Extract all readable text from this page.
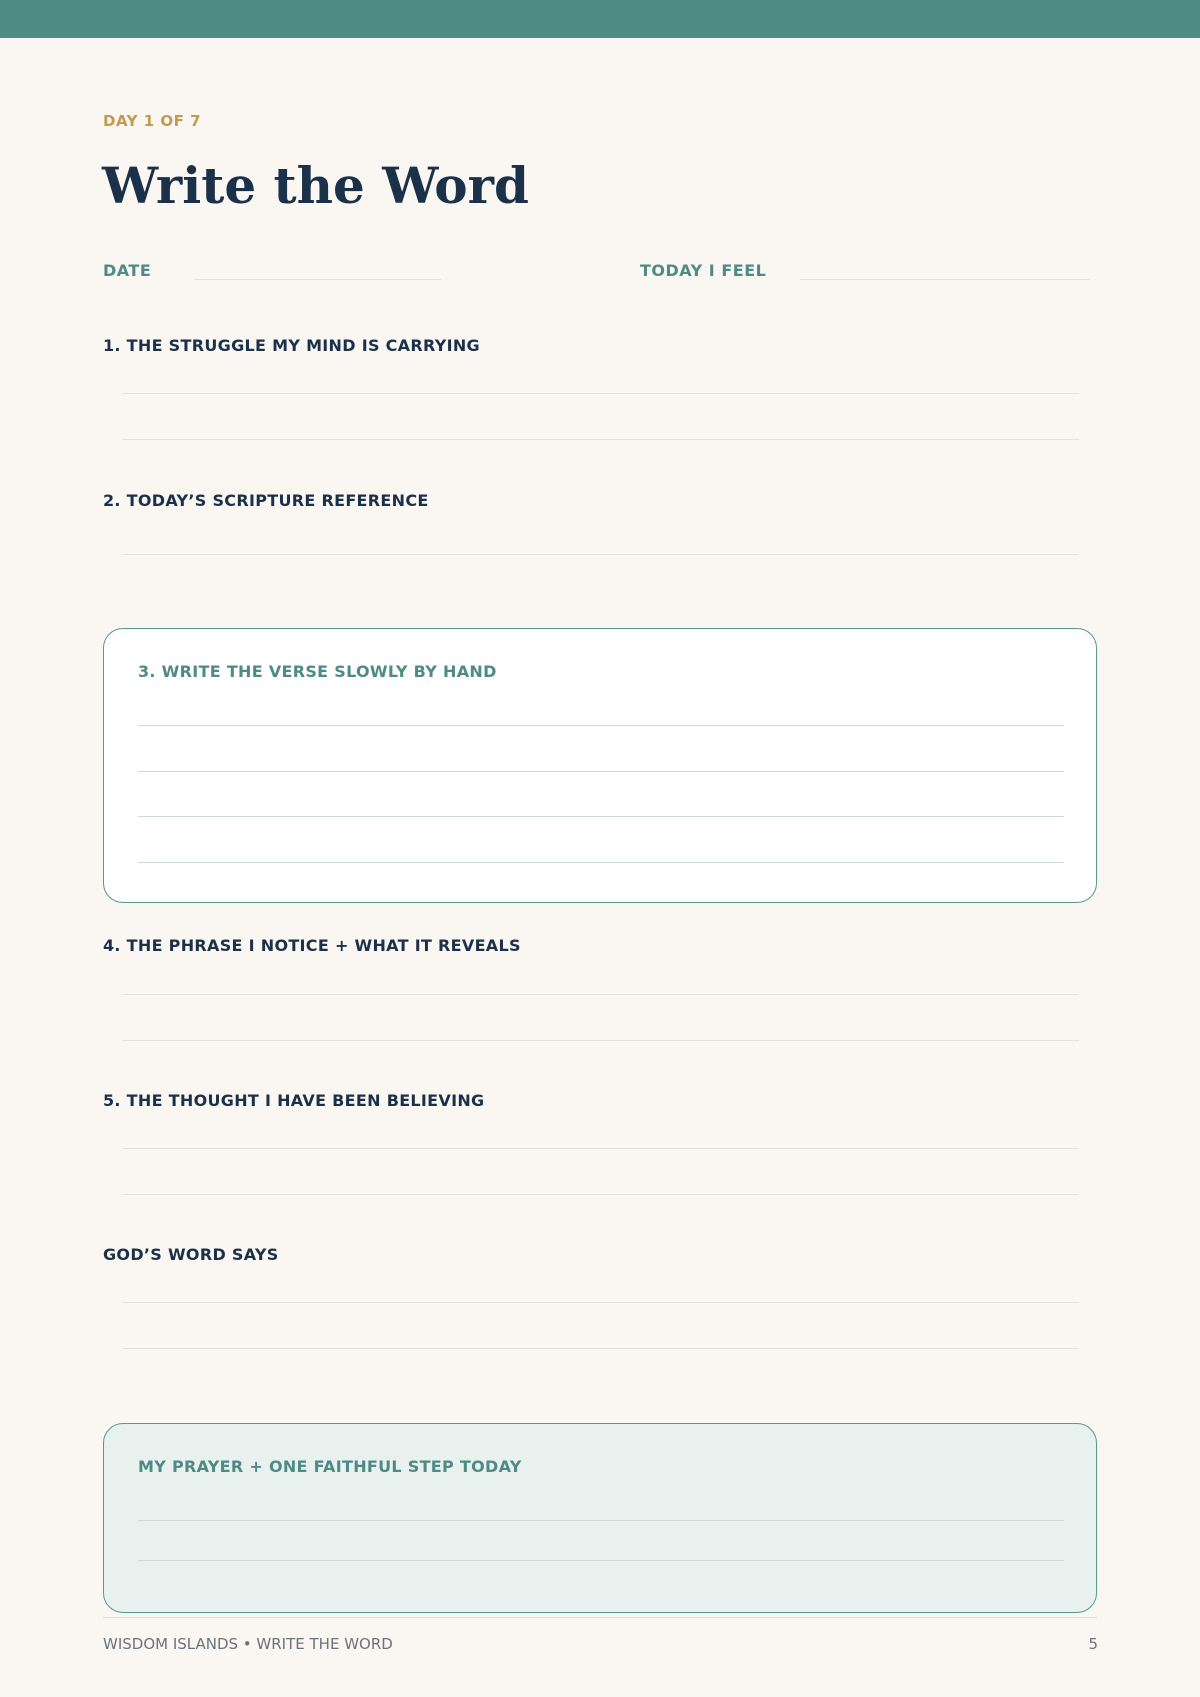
DAY 1 OF 7
Write the Word
DATE	TODAY I FEEL
1. THE STRUGGLE MY MIND IS CARRYING
2. TODAY’S SCRIPTURE REFERENCE
3. WRITE THE VERSE SLOWLY BY HAND
4. THE PHRASE I NOTICE + WHAT IT REVEALS
5. THE THOUGHT I HAVE BEEN BELIEVING
GOD’S WORD SAYS
MY PRAYER + ONE FAITHFUL STEP TODAY
WISDOM ISLANDS • WRITE THE WORD	5
